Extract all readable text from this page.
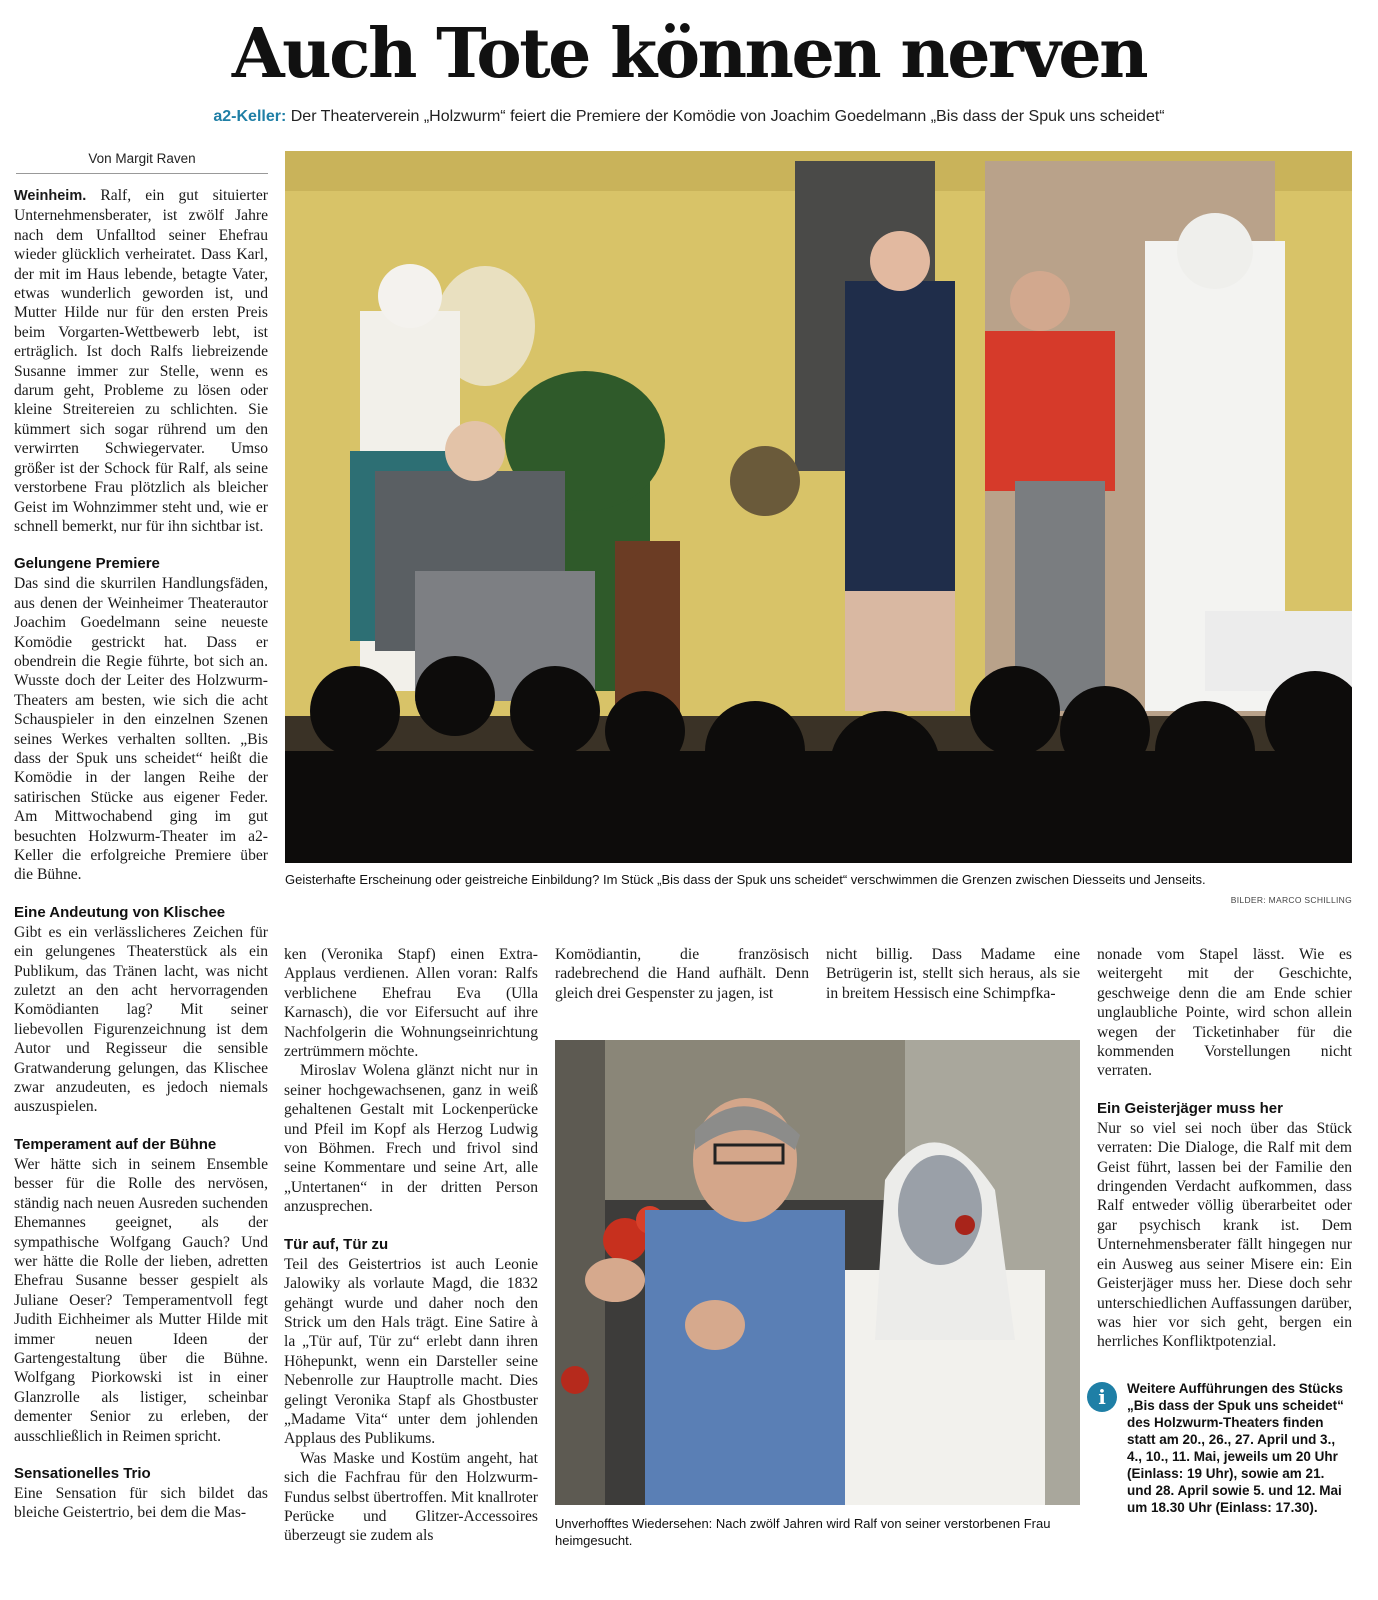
Auch Tote können nerven
a2-Keller: Der Theaterverein „Holzwurm“ feiert die Premiere der Komödie von Joachim Goedelmann „Bis dass der Spuk uns scheidet“
Von Margit Raven

Weinheim. Ralf, ein gut situierter Unternehmensberater, ist zwölf Jahre nach dem Unfalltod seiner Ehefrau wieder glücklich verheiratet. Dass Karl, der mit im Haus lebende, betagte Vater, etwas wunderlich geworden ist, und Mutter Hilde nur für den ersten Preis beim Vorgarten-Wettbewerb lebt, ist erträglich. Ist doch Ralfs liebreizende Susanne immer zur Stelle, wenn es darum geht, Probleme zu lösen oder kleine Streitereien zu schlichten. Sie kümmert sich sogar rührend um den verwirrten Schwiegervater. Umso größer ist der Schock für Ralf, als seine verstorbene Frau plötzlich als bleicher Geist im Wohnzimmer steht und, wie er schnell bemerkt, nur für ihn sichtbar ist.

Gelungene Premiere

Das sind die skurrilen Handlungsfäden, aus denen der Weinheimer Theaterautor Joachim Goedelmann seine neueste Komödie gestrickt hat. Dass er obendrein die Regie führte, bot sich an. Wusste doch der Leiter des Holzwurm-Theaters am besten, wie sich die acht Schauspieler in den einzelnen Szenen seines Werkes verhalten sollten. „Bis dass der Spuk uns scheidet“ heißt die Komödie in der langen Reihe der satirischen Stücke aus eigener Feder. Am Mittwochabend ging im gut besuchten Holzwurm-Theater im a2-Keller die erfolgreiche Premiere über die Bühne.

Eine Andeutung von Klischee

Gibt es ein verlässlicheres Zeichen für ein gelungenes Theaterstück als ein Publikum, das Tränen lacht, was nicht zuletzt an den acht hervorragenden Komödianten lag? Mit seiner liebevollen Figurenzeichnung ist dem Autor und Regisseur die sensible Gratwanderung gelungen, das Klischee zwar anzudeuten, es jedoch niemals auszuspielen.

Temperament auf der Bühne

Wer hätte sich in seinem Ensemble besser für die Rolle des nervösen, ständig nach neuen Ausreden suchenden Ehemannes geeignet, als der sympathische Wolfgang Gauch? Und wer hätte die Rolle der lieben, adretten Ehefrau Susanne besser gespielt als Juliane Oeser? Temperamentvoll fegt Judith Eichheimer als Mutter Hilde mit immer neuen Ideen der Gartengestaltung über die Bühne. Wolfgang Piorkowski ist in einer Glanzrolle als listiger, scheinbar dementer Senior zu erleben, der ausschließlich in Reimen spricht.

Sensationelles Trio

Eine Sensation für sich bildet das bleiche Geistertrio, bei dem die Mas-

Geisterhafte Erscheinung oder geistreiche Einbildung? Im Stück „Bis dass der Spuk uns scheidet“ verschwimmen die Grenzen zwischen Diesseits und Jenseits.
BILDER: MARCO SCHILLING

ken (Veronika Stapf) einen Extra-Applaus verdienen. Allen voran: Ralfs verblichene Ehefrau Eva (Ulla Karnasch), die vor Eifersucht auf ihre Nachfolgerin die Wohnungseinrichtung zertrümmern möchte.

Miroslav Wolena glänzt nicht nur in seiner hochgewachsenen, ganz in weiß gehaltenen Gestalt mit Lockenperücke und Pfeil im Kopf als Herzog Ludwig von Böhmen. Frech und frivol sind seine Kommentare und seine Art, alle „Untertanen“ in der dritten Person anzusprechen.

Tür auf, Tür zu

Teil des Geistertrios ist auch Leonie Jalowiky als vorlaute Magd, die 1832 gehängt wurde und daher noch den Strick um den Hals trägt. Eine Satire à la „Tür auf, Tür zu“ erlebt dann ihren Höhepunkt, wenn ein Darsteller seine Nebenrolle zur Hauptrolle macht. Dies gelingt Veronika Stapf als Ghostbuster „Madame Vita“ unter dem johlenden Applaus des Publikums.

Was Maske und Kostüm angeht, hat sich die Fachfrau für den Holzwurm-Fundus selbst übertroffen. Mit knallroter Perücke und Glitzer-Accessoires überzeugt sie zudem als

Komödiantin, die französisch radebrechend die Hand aufhält. Denn gleich drei Gespenster zu jagen, ist

nicht billig. Dass Madame eine Betrügerin ist, stellt sich heraus, als sie in breitem Hessisch eine Schimpfka-

Unverhofftes Wiedersehen: Nach zwölf Jahren wird Ralf von seiner verstorbenen Frau heimgesucht.

nonade vom Stapel lässt. Wie es weitergeht mit der Geschichte, geschweige denn die am Ende schier unglaubliche Pointe, wird schon allein wegen der Ticketinhaber für die kommenden Vorstellungen nicht verraten.

Ein Geisterjäger muss her

Nur so viel sei noch über das Stück verraten: Die Dialoge, die Ralf mit dem Geist führt, lassen bei der Familie den dringenden Verdacht aufkommen, dass Ralf entweder völlig überarbeitet oder gar psychisch krank ist. Dem Unternehmensberater fällt hingegen nur ein Ausweg aus seiner Misere ein: Ein Geisterjäger muss her. Diese doch sehr unterschiedlichen Auffassungen darüber, was hier vor sich geht, bergen ein herrliches Konfliktpotenzial.

i	Weitere Aufführungen des Stücks „Bis dass der Spuk uns scheidet“ des Holzwurm-Theaters finden statt am 20., 26., 27. April und 3., 4., 10., 11. Mai, jeweils um 20 Uhr (Einlass: 19 Uhr), sowie am 21. und 28. April sowie 5. und 12. Mai um 18.30 Uhr (Einlass: 17.30).
